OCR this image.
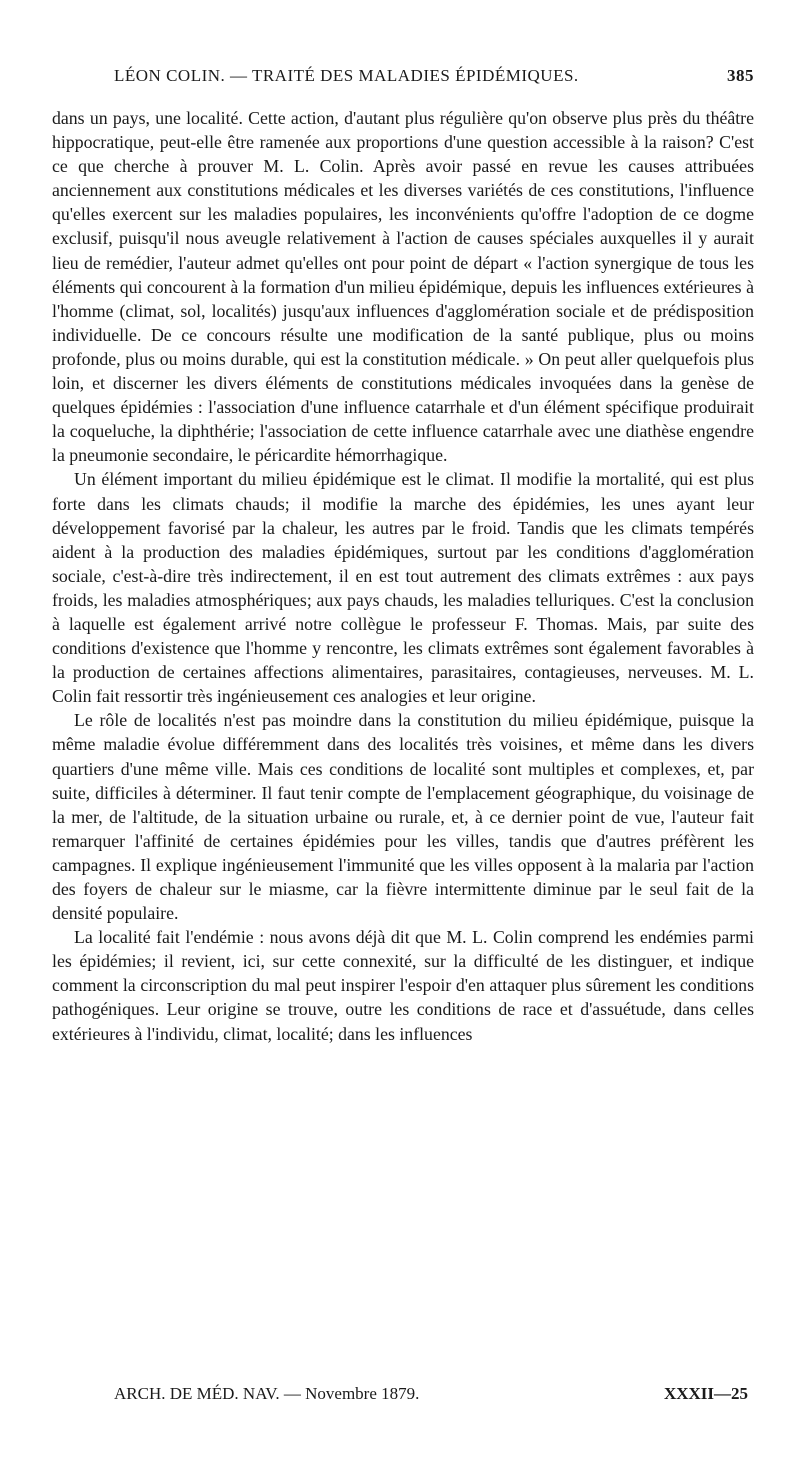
LÉON COLIN. — TRAITÉ DES MALADIES ÉPIDÉMIQUES.	385

dans un pays, une localité. Cette action, d'autant plus régulière qu'on observe plus près du théâtre hippocratique, peut-elle être ramenée aux proportions d'une question accessible à la raison? C'est ce que cherche à prouver M. L. Colin. Après avoir passé en revue les causes attribuées anciennement aux constitutions médicales et les diverses variétés de ces constitutions, l'influence qu'elles exercent sur les maladies populaires, les inconvénients qu'offre l'adoption de ce dogme exclusif, puisqu'il nous aveugle relativement à l'action de causes spéciales auxquelles il y aurait lieu de remédier, l'auteur admet qu'elles ont pour point de départ « l'action synergique de tous les éléments qui concourent à la formation d'un milieu épidémique, depuis les influences extérieures à l'homme (climat, sol, localités) jusqu'aux influences d'agglomération sociale et de prédisposition individuelle. De ce concours résulte une modification de la santé publique, plus ou moins profonde, plus ou moins durable, qui est la constitution médicale. » On peut aller quelquefois plus loin, et discerner les divers éléments de constitutions médicales invoquées dans la genèse de quelques épidémies : l'association d'une influence catarrhale et d'un élément spécifique produirait la coqueluche, la diphthérie; l'association de cette influence catarrhale avec une diathèse engendre la pneumonie secondaire, le péricardite hémorrhagique.

Un élément important du milieu épidémique est le climat. Il modifie la mortalité, qui est plus forte dans les climats chauds; il modifie la marche des épidémies, les unes ayant leur développement favorisé par la chaleur, les autres par le froid. Tandis que les climats tempérés aident à la production des maladies épidémiques, surtout par les conditions d'agglomération sociale, c'est-à-dire très indirectement, il en est tout autrement des climats extrêmes : aux pays froids, les maladies atmosphériques; aux pays chauds, les maladies telluriques. C'est la conclusion à laquelle est également arrivé notre collègue le professeur F. Thomas. Mais, par suite des conditions d'existence que l'homme y rencontre, les climats extrêmes sont également favorables à la production de certaines affections alimentaires, parasitaires, contagieuses, nerveuses. M. L. Colin fait ressortir très ingénieusement ces analogies et leur origine.

Le rôle de localités n'est pas moindre dans la constitution du milieu épidémique, puisque la même maladie évolue différemment dans des localités très voisines, et même dans les divers quartiers d'une même ville. Mais ces conditions de localité sont multiples et complexes, et, par suite, difficiles à déterminer. Il faut tenir compte de l'emplacement géographique, du voisinage de la mer, de l'altitude, de la situation urbaine ou rurale, et, à ce dernier point de vue, l'auteur fait remarquer l'affinité de certaines épidémies pour les villes, tandis que d'autres préfèrent les campagnes. Il explique ingénieusement l'immunité que les villes opposent à la malaria par l'action des foyers de chaleur sur le miasme, car la fièvre intermittente diminue par le seul fait de la densité populaire.

La localité fait l'endémie : nous avons déjà dit que M. L. Colin comprend les endémies parmi les épidémies; il revient, ici, sur cette connexité, sur la difficulté de les distinguer, et indique comment la circonscription du mal peut inspirer l'espoir d'en attaquer plus sûrement les conditions pathogéniques. Leur origine se trouve, outre les conditions de race et d'assuétude, dans celles extérieures à l'individu, climat, localité; dans les influences

ARCH. DE MÉD. NAV. — Novembre 1879.	XXXII—25
